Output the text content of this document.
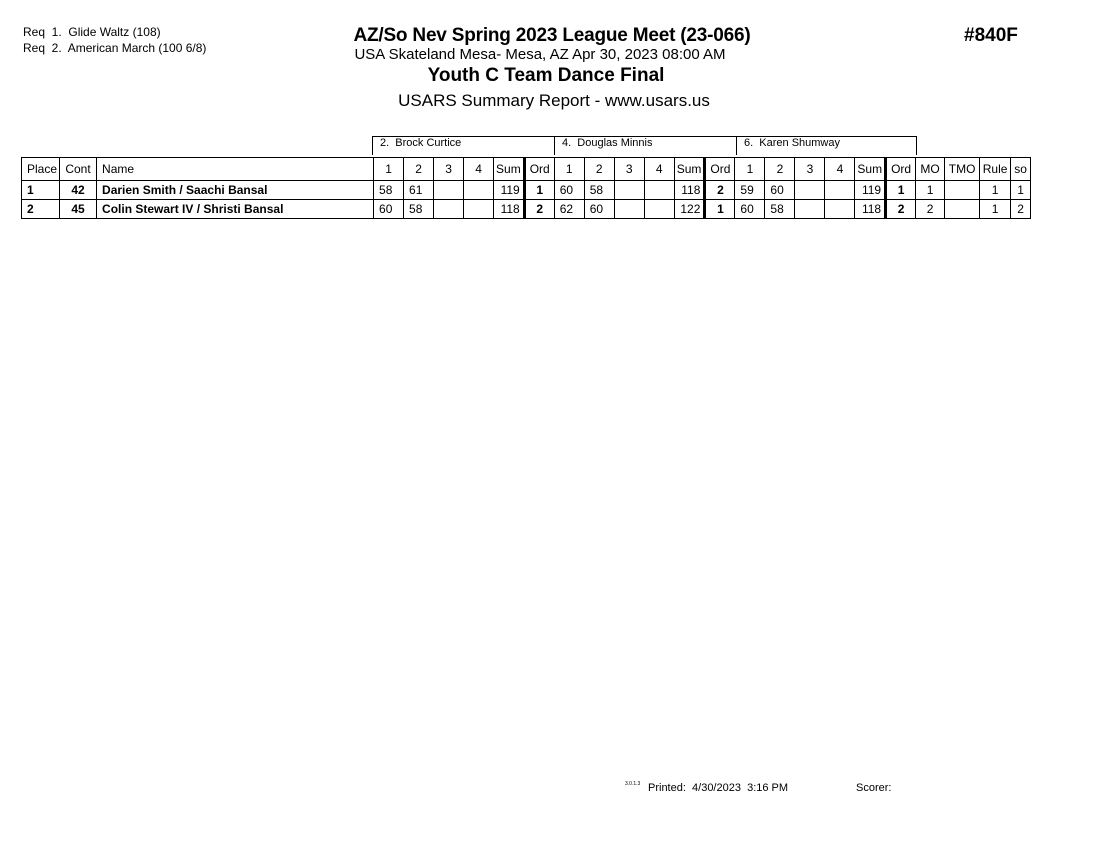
Req  1.  Glide Waltz (108)
Req  2.  American March (100 6/8)
AZ/So Nev Spring 2023 League Meet (23-066)
USA Skateland Mesa- Mesa, AZ Apr 30, 2023 08:00 AM
Youth C Team Dance Final
USARS Summary Report - www.usars.us
#840F
2.  Brock Curtice	4.  Douglas Minnis	6.  Karen Shumway
Place	Cont	Name	1	2	3	4	Sum	Ord	1	2	3	4	Sum	Ord	1	2	3	4	Sum	Ord	MO	TMO	Rule	so
1	42	Darien Smith / Saachi Bansal	58	61			119	1	60	58			118	2	59	60			119	1	1		1	1
2	45	Colin Stewart IV / Shristi Bansal	60	58			118	2	62	60			122	1	60	58			118	2	2		1	2
3.0.1.3 Printed:  4/30/2023  3:16 PM	Scorer:
